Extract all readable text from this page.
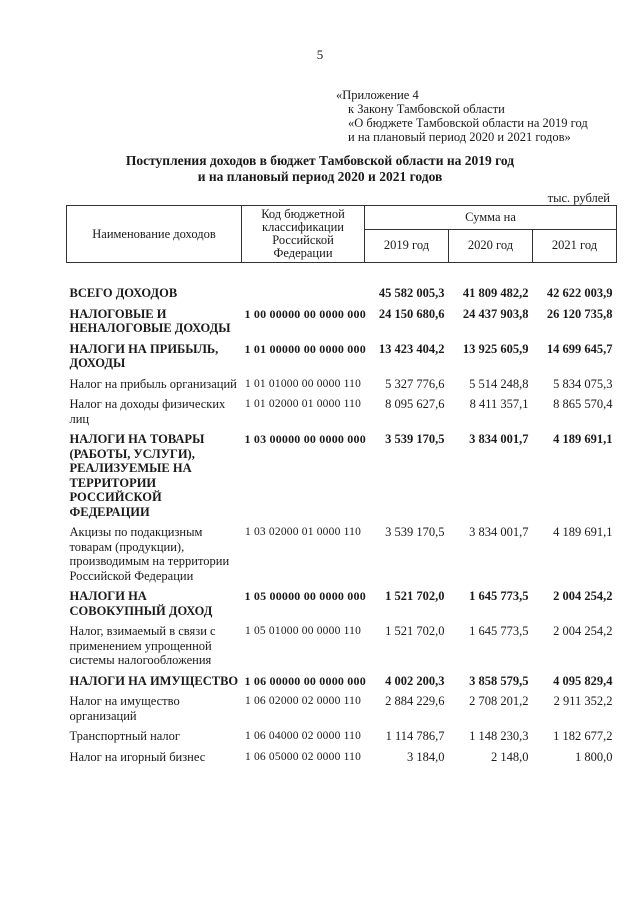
5
«Приложение 4
к Закону Тамбовской области
«О бюджете Тамбовской области на 2019 год
и на плановый период 2020 и 2021 годов»
Поступления доходов в бюджет Тамбовской области на 2019 год
и на плановый период 2020 и 2021 годов
тыс. рублей
Наименование доходов	Код бюджетной классификации Российской Федерации	Сумма на		
		2019 год	2020 год	2021 год

ВСЕГО ДОХОДОВ		45 582 005,3	41 809 482,2	42 622 003,9
НАЛОГОВЫЕ И НЕНАЛОГОВЫЕ ДОХОДЫ	1 00 00000 00 0000 000	24 150 680,6	24 437 903,8	26 120 735,8
НАЛОГИ НА ПРИБЫЛЬ, ДОХОДЫ	1 01 00000 00 0000 000	13 423 404,2	13 925 605,9	14 699 645,7
Налог на прибыль организаций	1 01 01000 00 0000 110	5 327 776,6	5 514 248,8	5 834 075,3
Налог на доходы физических лиц	1 01 02000 01 0000 110	8 095 627,6	8 411 357,1	8 865 570,4
НАЛОГИ НА ТОВАРЫ (РАБОТЫ, УСЛУГИ), РЕАЛИЗУЕМЫЕ НА ТЕРРИТОРИИ РОССИЙСКОЙ ФЕДЕРАЦИИ	1 03 00000 00 0000 000	3 539 170,5	3 834 001,7	4 189 691,1
Акцизы по подакцизным товарам (продукции), производимым на территории Российской Федерации	1 03 02000 01 0000 110	3 539 170,5	3 834 001,7	4 189 691,1
НАЛОГИ НА СОВОКУПНЫЙ ДОХОД	1 05 00000 00 0000 000	1 521 702,0	1 645 773,5	2 004 254,2
Налог, взимаемый в связи с применением упрощенной системы налогообложения	1 05 01000 00 0000 110	1 521 702,0	1 645 773,5	2 004 254,2
НАЛОГИ НА ИМУЩЕСТВО	1 06 00000 00 0000 000	4 002 200,3	3 858 579,5	4 095 829,4
Налог на имущество организаций	1 06 02000 02 0000 110	2 884 229,6	2 708 201,2	2 911 352,2
Транспортный налог	1 06 04000 02 0000 110	1 114 786,7	1 148 230,3	1 182 677,2
Налог на игорный бизнес	1 06 05000 02 0000 110	3 184,0	2 148,0	1 800,0
